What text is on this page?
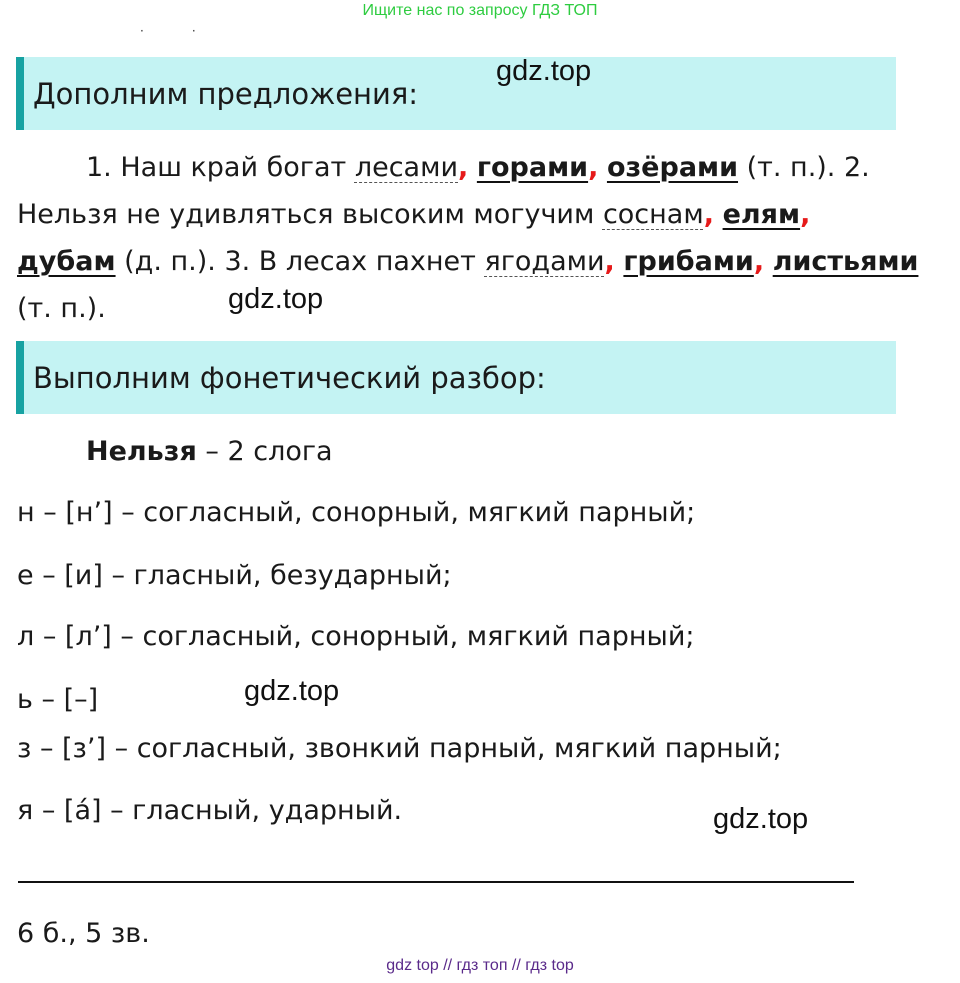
Ищите нас по запросу ГДЗ ТОП
··
Дополним предложения:
gdz.top
1. Наш край богат лесами, горами, озёрами (т. п.). 2.
Нельзя не удивляться высоким могучим соснам, елям,
дубам (д. п.). 3. В лесах пахнет ягодами, грибами, листьями
(т. п.).	gdz.top
Выполним фонетический разбор:
Нельзя – 2 слога
н – [н’] – согласный, сонорный, мягкий парный;
е – [и] – гласный, безударный;
л – [л’] – согласный, сонорный, мягкий парный;
ь – [–]	gdz.top
з – [з’] – согласный, звонкий парный, мягкий парный;
я – [á] – гласный, ударный.	gdz.top
6 б., 5 зв.
gdz top // гдз топ // гдз top
